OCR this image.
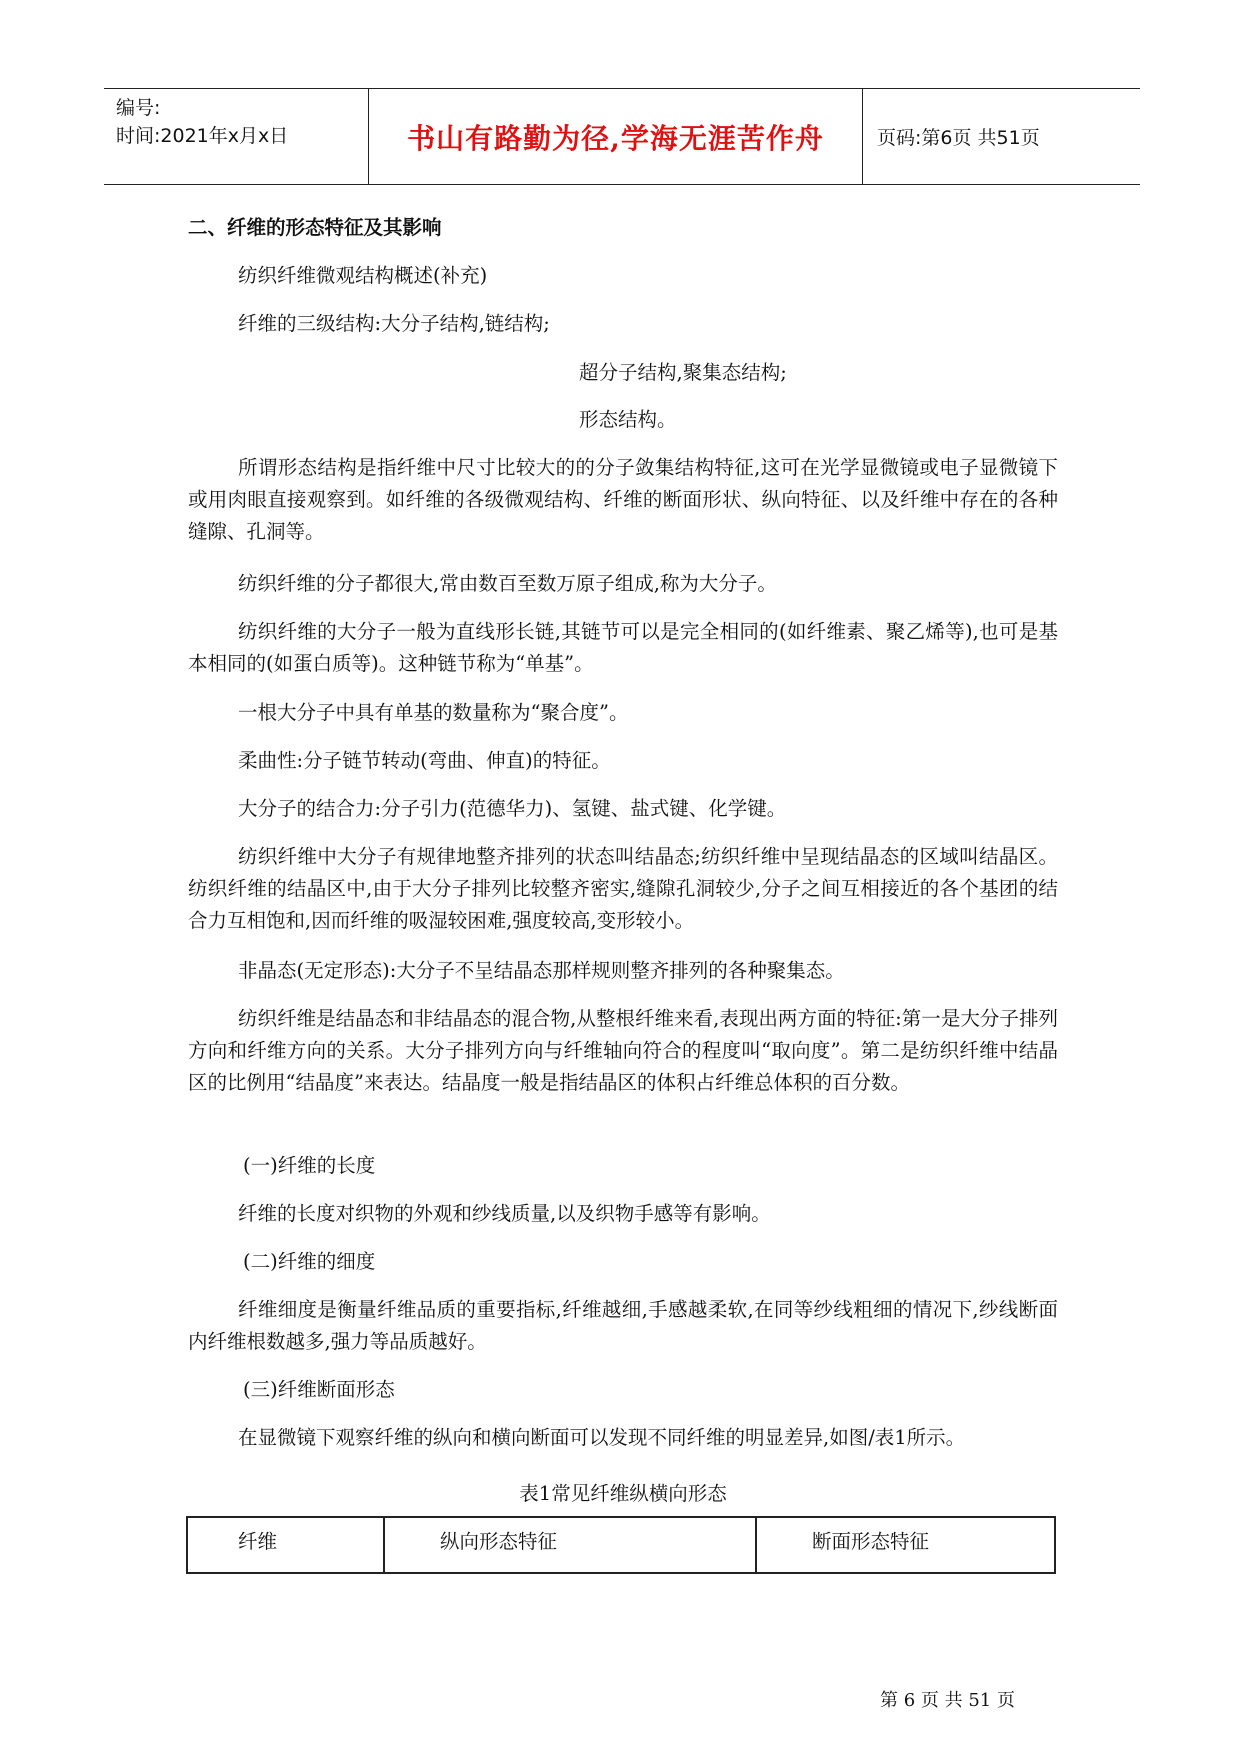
编号:
时间:2021年x月x日	书山有路勤为径,学海无涯苦作舟	页码:第6页 共51页
二、纤维的形态特征及其影响
纺织纤维微观结构概述(补充)
纤维的三级结构:大分子结构,链结构;
超分子结构,聚集态结构;
形态结构。
所谓形态结构是指纤维中尺寸比较大的的分子敛集结构特征,这可在光学显微镜或电子显微镜下或用肉眼直接观察到。如纤维的各级微观结构、纤维的断面形状、纵向特征、以及纤维中存在的各种缝隙、孔洞等。
纺织纤维的分子都很大,常由数百至数万原子组成,称为大分子。
纺织纤维的大分子一般为直线形长链,其链节可以是完全相同的(如纤维素、聚乙烯等),也可是基本相同的(如蛋白质等)。这种链节称为“单基”。
一根大分子中具有单基的数量称为“聚合度”。
柔曲性:分子链节转动(弯曲、伸直)的特征。
大分子的结合力:分子引力(范德华力)、氢键、盐式键、化学键。
纺织纤维中大分子有规律地整齐排列的状态叫结晶态;纺织纤维中呈现结晶态的区域叫结晶区。纺织纤维的结晶区中,由于大分子排列比较整齐密实,缝隙孔洞较少,分子之间互相接近的各个基团的结合力互相饱和,因而纤维的吸湿较困难,强度较高,变形较小。
非晶态(无定形态):大分子不呈结晶态那样规则整齐排列的各种聚集态。
纺织纤维是结晶态和非结晶态的混合物,从整根纤维来看,表现出两方面的特征:第一是大分子排列方向和纤维方向的关系。大分子排列方向与纤维轴向符合的程度叫“取向度”。第二是纺织纤维中结晶区的比例用“结晶度”来表达。结晶度一般是指结晶区的体积占纤维总体积的百分数。
(一)纤维的长度
纤维的长度对织物的外观和纱线质量,以及织物手感等有影响。
(二)纤维的细度
纤维细度是衡量纤维品质的重要指标,纤维越细,手感越柔软,在同等纱线粗细的情况下,纱线断面内纤维根数越多,强力等品质越好。
(三)纤维断面形态
在显微镜下观察纤维的纵向和横向断面可以发现不同纤维的明显差异,如图/表1所示。
表1常见纤维纵横向形态
纤维	纵向形态特征	断面形态特征
第 6 页 共 51 页
